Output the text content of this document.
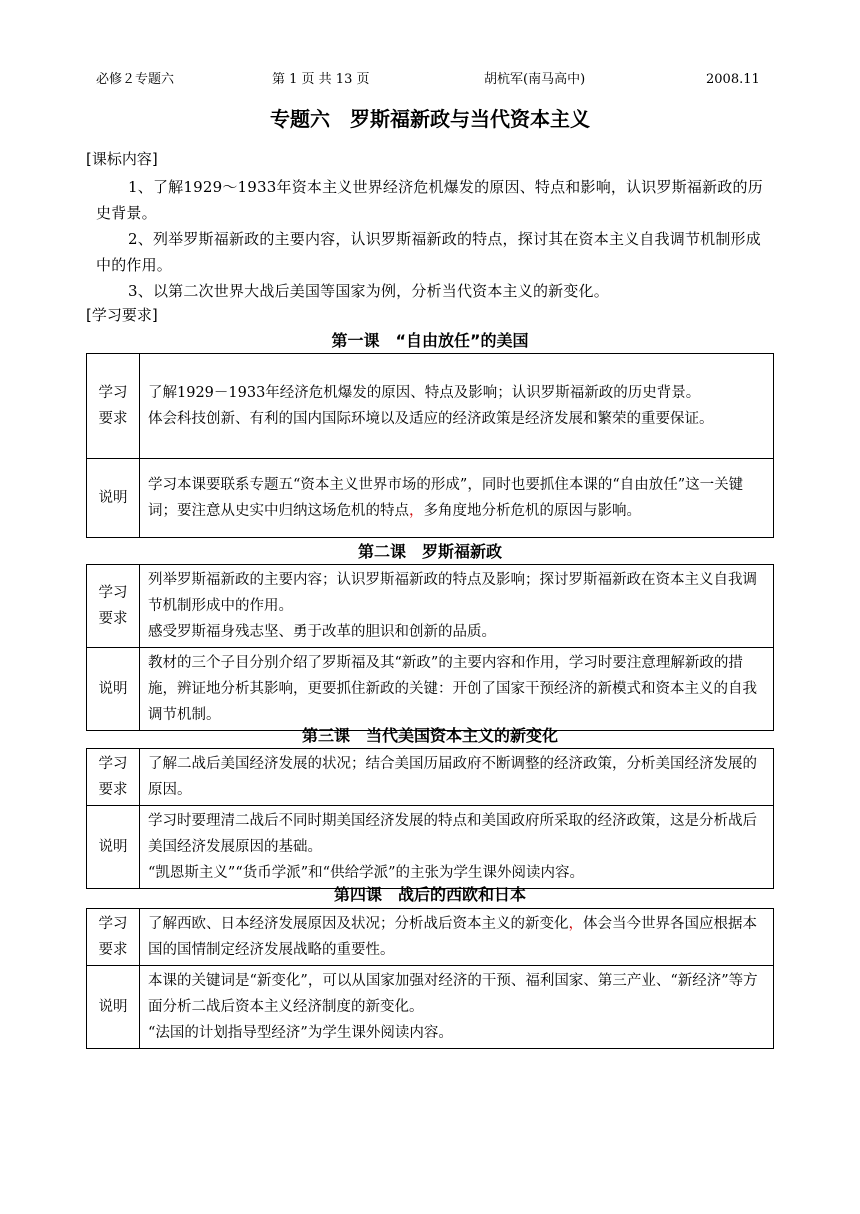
必修２专题六	第 1 页 共 13 页	胡杭军(南马高中)	2008.11
专题六　罗斯福新政与当代资本主义
[课标内容]
1、了解1929～1933年资本主义世界经济危机爆发的原因、特点和影响，认识罗斯福新政的历史背景。
2、列举罗斯福新政的主要内容，认识罗斯福新政的特点，探讨其在资本主义自我调节机制形成中的作用。
3、以第二次世界大战后美国等国家为例，分析当代资本主义的新变化。
[学习要求]
第一课　“自由放任”的美国
学习要求	了解1929－1933年经济危机爆发的原因、特点及影响；认识罗斯福新政的历史背景。
体会科技创新、有利的国内国际环境以及适应的经济政策是经济发展和繁荣的重要保证。

说明	学习本课要联系专题五“资本主义世界市场的形成”，同时也要抓住本课的“自由放任”这一关键词；要注意从史实中归纳这场危机的特点，多角度地分析危机的原因与影响。
第二课　罗斯福新政
学习要求	列举罗斯福新政的主要内容；认识罗斯福新政的特点及影响；探讨罗斯福新政在资本主义自我调节机制形成中的作用。
感受罗斯福身残志坚、勇于改革的胆识和创新的品质。

说明	教材的三个子目分别介绍了罗斯福及其“新政”的主要内容和作用，学习时要注意理解新政的措施，辨证地分析其影响，更要抓住新政的关键：开创了国家干预经济的新模式和资本主义的自我调节机制。
第三课　当代美国资本主义的新变化
学习要求	了解二战后美国经济发展的状况；结合美国历届政府不断调整的经济政策，分析美国经济发展的原因。

说明	学习时要理清二战后不同时期美国经济发展的特点和美国政府所采取的经济政策，这是分析战后美国经济发展原因的基础。
“凯恩斯主义”“货币学派”和“供给学派”的主张为学生课外阅读内容。
第四课　战后的西欧和日本
学习要求	了解西欧、日本经济发展原因及状况；分析战后资本主义的新变化，体会当今世界各国应根据本国的国情制定经济发展战略的重要性。

说明	本课的关键词是“新变化”，可以从国家加强对经济的干预、福利国家、第三产业、“新经济”等方面分析二战后资本主义经济制度的新变化。
“法国的计划指导型经济”为学生课外阅读内容。
